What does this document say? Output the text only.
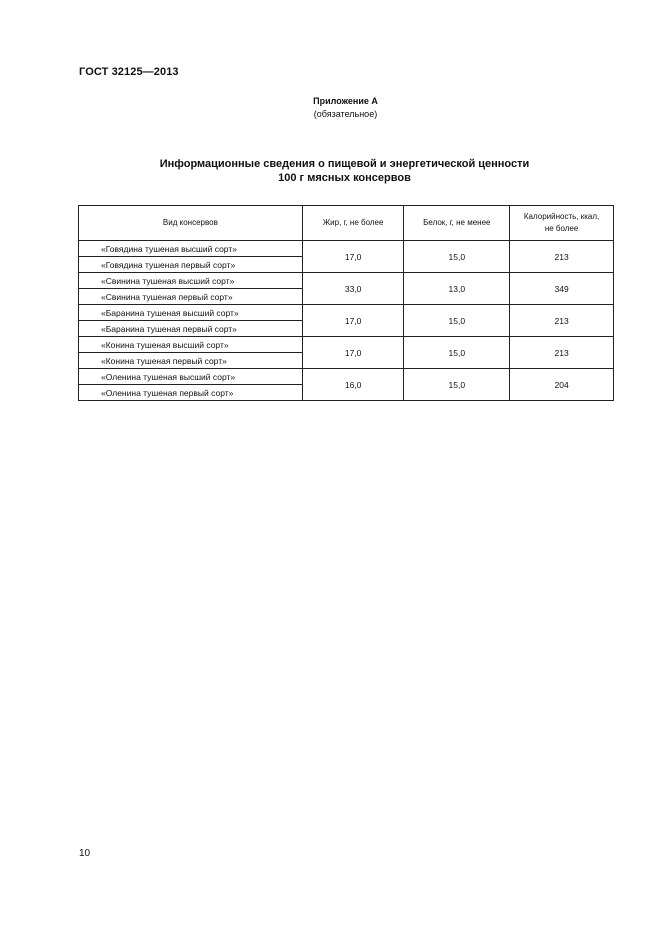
ГОСТ 32125—2013
Приложение А
(обязательное)
Информационные сведения о пищевой и энергетической ценности
100 г мясных консервов
Вид консервов	Жир, г, не более	Белок, г, не менее	Калорийность, ккал,
не более

«Говядина тушеная высший сорт»	17,0	15,0	213
«Говядина тушеная первый сорт»			
«Свинина тушеная высший сорт»	33,0	13,0	349
«Свинина тушеная первый сорт»			
«Баранина тушеная высший сорт»	17,0	15,0	213
«Баранина тушеная первый сорт»			
«Конина тушеная высший сорт»	17,0	15,0	213
«Конина тушеная первый сорт»			
«Оленина тушеная высший сорт»	16,0	15,0	204
«Оленина тушеная первый сорт»			
10
